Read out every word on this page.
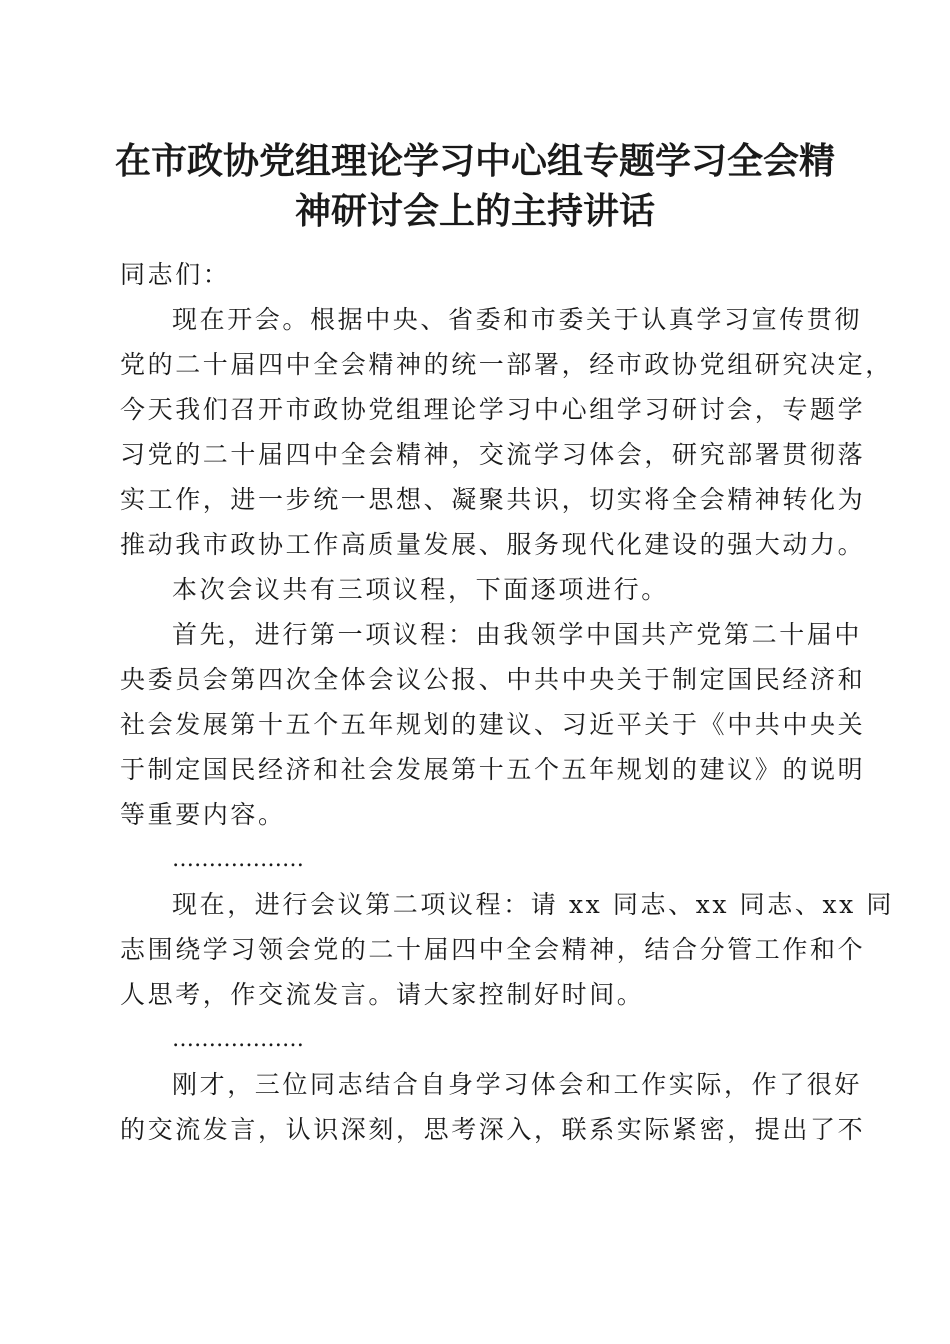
在市政协党组理论学习中心组专题学习全会精
神研讨会上的主持讲话

同志们：

现在开会。根据中央、省委和市委关于认真学习宣传贯彻
党的二十届四中全会精神的统一部署，经市政协党组研究决定，
今天我们召开市政协党组理论学习中心组学习研讨会，专题学
习党的二十届四中全会精神，交流学习体会，研究部署贯彻落
实工作，进一步统一思想、凝聚共识，切实将全会精神转化为
推动我市政协工作高质量发展、服务现代化建设的强大动力。

本次会议共有三项议程，下面逐项进行。

首先，进行第一项议程：由我领学中国共产党第二十届中
央委员会第四次全体会议公报、中共中央关于制定国民经济和
社会发展第十五个五年规划的建议、习近平关于《中共中央关
于制定国民经济和社会发展第十五个五年规划的建议》的说明
等重要内容。

………………

现在，进行会议第二项议程：请 xx 同志、xx 同志、xx 同
志围绕学习领会党的二十届四中全会精神，结合分管工作和个
人思考，作交流发言。请大家控制好时间。

………………

刚才，三位同志结合自身学习体会和工作实际，作了很好
的交流发言，认识深刻，思考深入，联系实际紧密，提出了不
